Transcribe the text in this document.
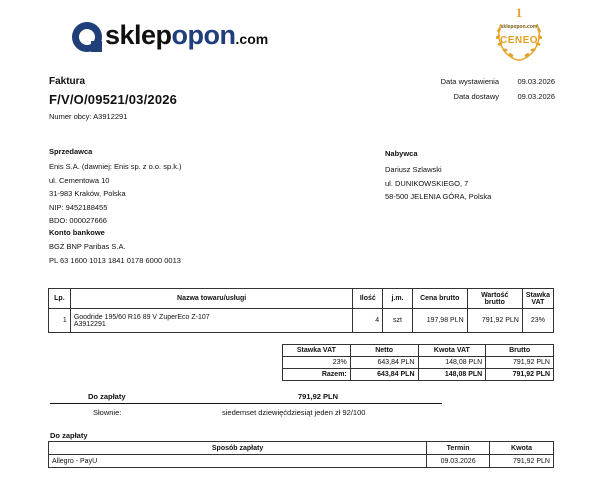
sklepopon.com
1
sklepopon.com
CENEO
Faktura
F/V/O/09521/03/2026
Numer obcy: A3912291
Data wystawienia	09.03.2026
Data dostawy	09.03.2026
Sprzedawca
Enis S.A. (dawniej: Enis sp. z o.o. sp.k.)
ul. Cementowa 10
31-983 Kraków, Polska
NIP: 9452188455
BDO: 000027666
Konto bankowe
BGŻ BNP Paribas S.A.
PL 63 1600 1013 1841 0178 6000 0013
Nabywca
Dariusz Szlawski
ul. DUNIKOWSKIEGO, 7
58-500 JELENIA GÓRA, Polska
Lp.	Nazwa towaru/usługi	Ilość	j.m.	Cena brutto	Wartość brutto	Stawka VAT
1	Goodride 195/60 R16 89 V ZuperEco Z-107
A3912291	4	szt	197,98 PLN	791,92 PLN	23%
Stawka VAT	Netto	Kwota VAT	Brutto
23%	643,84 PLN	148,08 PLN	791,92 PLN
Razem:	643,84 PLN	148,08 PLN	791,92 PLN
Do zapłaty	791,92 PLN
Słownie:	siedemset dziewięćdziesiąt jeden zł 92/100
Do zapłaty
Sposób zapłaty	Termin	Kwota
Allegro - PayU	09.03.2026	791,92 PLN
